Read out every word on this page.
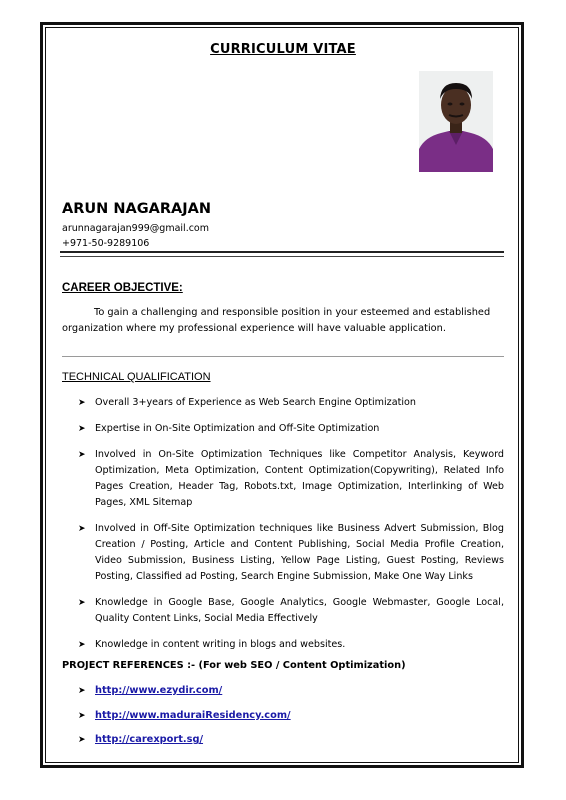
CURRICULUM VITAE
ARUN NAGARAJAN
arunnagarajan999@gmail.com
+971-50-9289106
CAREER OBJECTIVE:
To gain a challenging and responsible position in your esteemed and established organization where my professional experience will have valuable application.
TECHNICAL QUALIFICATION
➤ Overall 3+years of Experience as Web Search Engine Optimization
➤ Expertise in On-Site Optimization and Off-Site Optimization
➤ Involved in On-Site Optimization Techniques like Competitor Analysis, Keyword Optimization, Meta Optimization, Content Optimization(Copywriting), Related Info Pages Creation, Header Tag, Robots.txt, Image Optimization, Interlinking of Web Pages, XML Sitemap
➤ Involved in Off-Site Optimization techniques like Business Advert Submission, Blog Creation / Posting, Article and Content Publishing, Social Media Profile Creation, Video Submission, Business Listing, Yellow Page Listing, Guest Posting, Reviews Posting, Classified ad Posting, Search Engine Submission, Make One Way Links
➤ Knowledge in Google Base, Google Analytics, Google Webmaster, Google Local, Quality Content Links, Social Media Effectively
➤ Knowledge in content writing in blogs and websites.
PROJECT REFERENCES :- (For web SEO / Content Optimization)
➤ http://www.ezydir.com/
➤ http://www.maduraiResidency.com/
➤ http://carexport.sg/
